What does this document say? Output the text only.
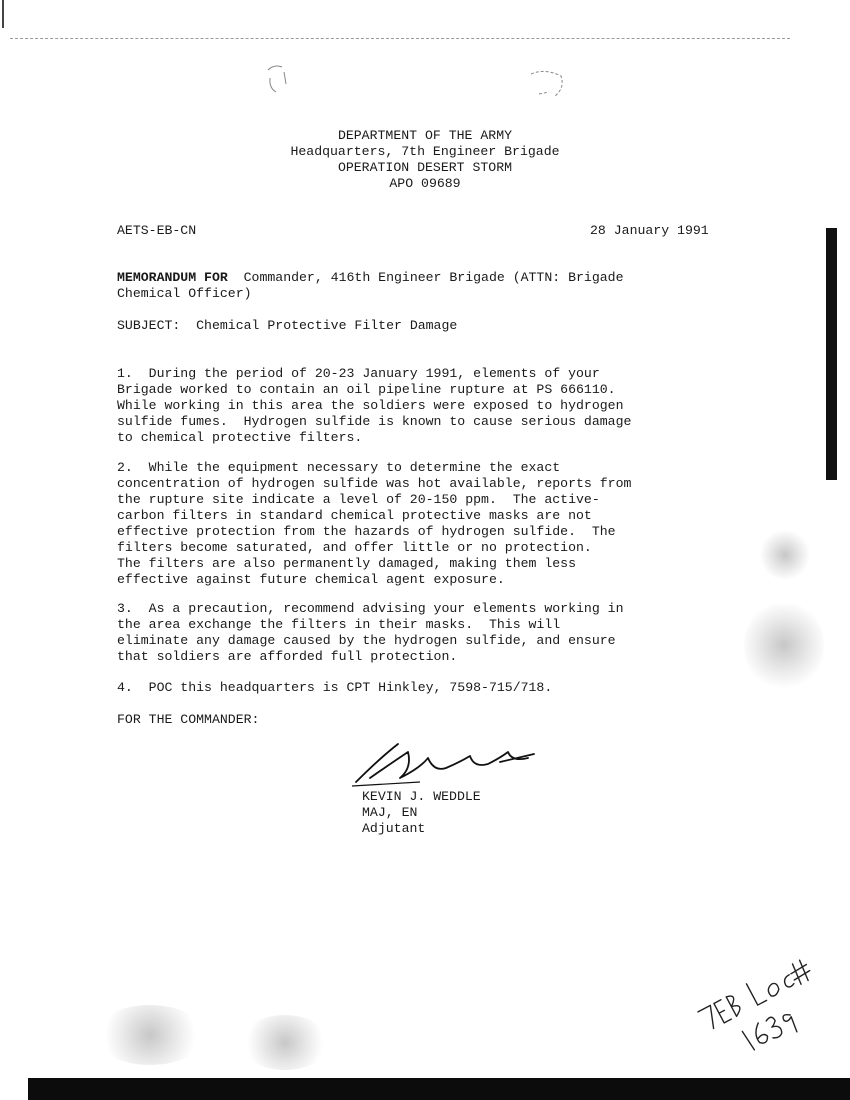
DEPARTMENT OF THE ARMY
Headquarters, 7th Engineer Brigade
OPERATION DESERT STORM
APO 09689
AETS-EB-CN	28 January 1991
MEMORANDUM FOR Commander, 416th Engineer Brigade (ATTN: Brigade
Chemical Officer)
SUBJECT: Chemical Protective Filter Damage
1.  During the period of 20-23 January 1991, elements of your
Brigade worked to contain an oil pipeline rupture at PS 666110.
While working in this area the soldiers were exposed to hydrogen
sulfide fumes.  Hydrogen sulfide is known to cause serious damage
to chemical protective filters.
2.  While the equipment necessary to determine the exact
concentration of hydrogen sulfide was hot available, reports from
the rupture site indicate a level of 20-150 ppm.  The active-
carbon filters in standard chemical protective masks are not
effective protection from the hazards of hydrogen sulfide.  The
filters become saturated, and offer little or no protection.
The filters are also permanently damaged, making them less
effective against future chemical agent exposure.
3.  As a precaution, recommend advising your elements working in
the area exchange the filters in their masks.  This will
eliminate any damage caused by the hydrogen sulfide, and ensure
that soldiers are afforded full protection.
4.  POC this headquarters is CPT Hinkley, 7598-715/718.
FOR THE COMMANDER:
KEVIN J. WEDDLE
MAJ, EN
Adjutant
